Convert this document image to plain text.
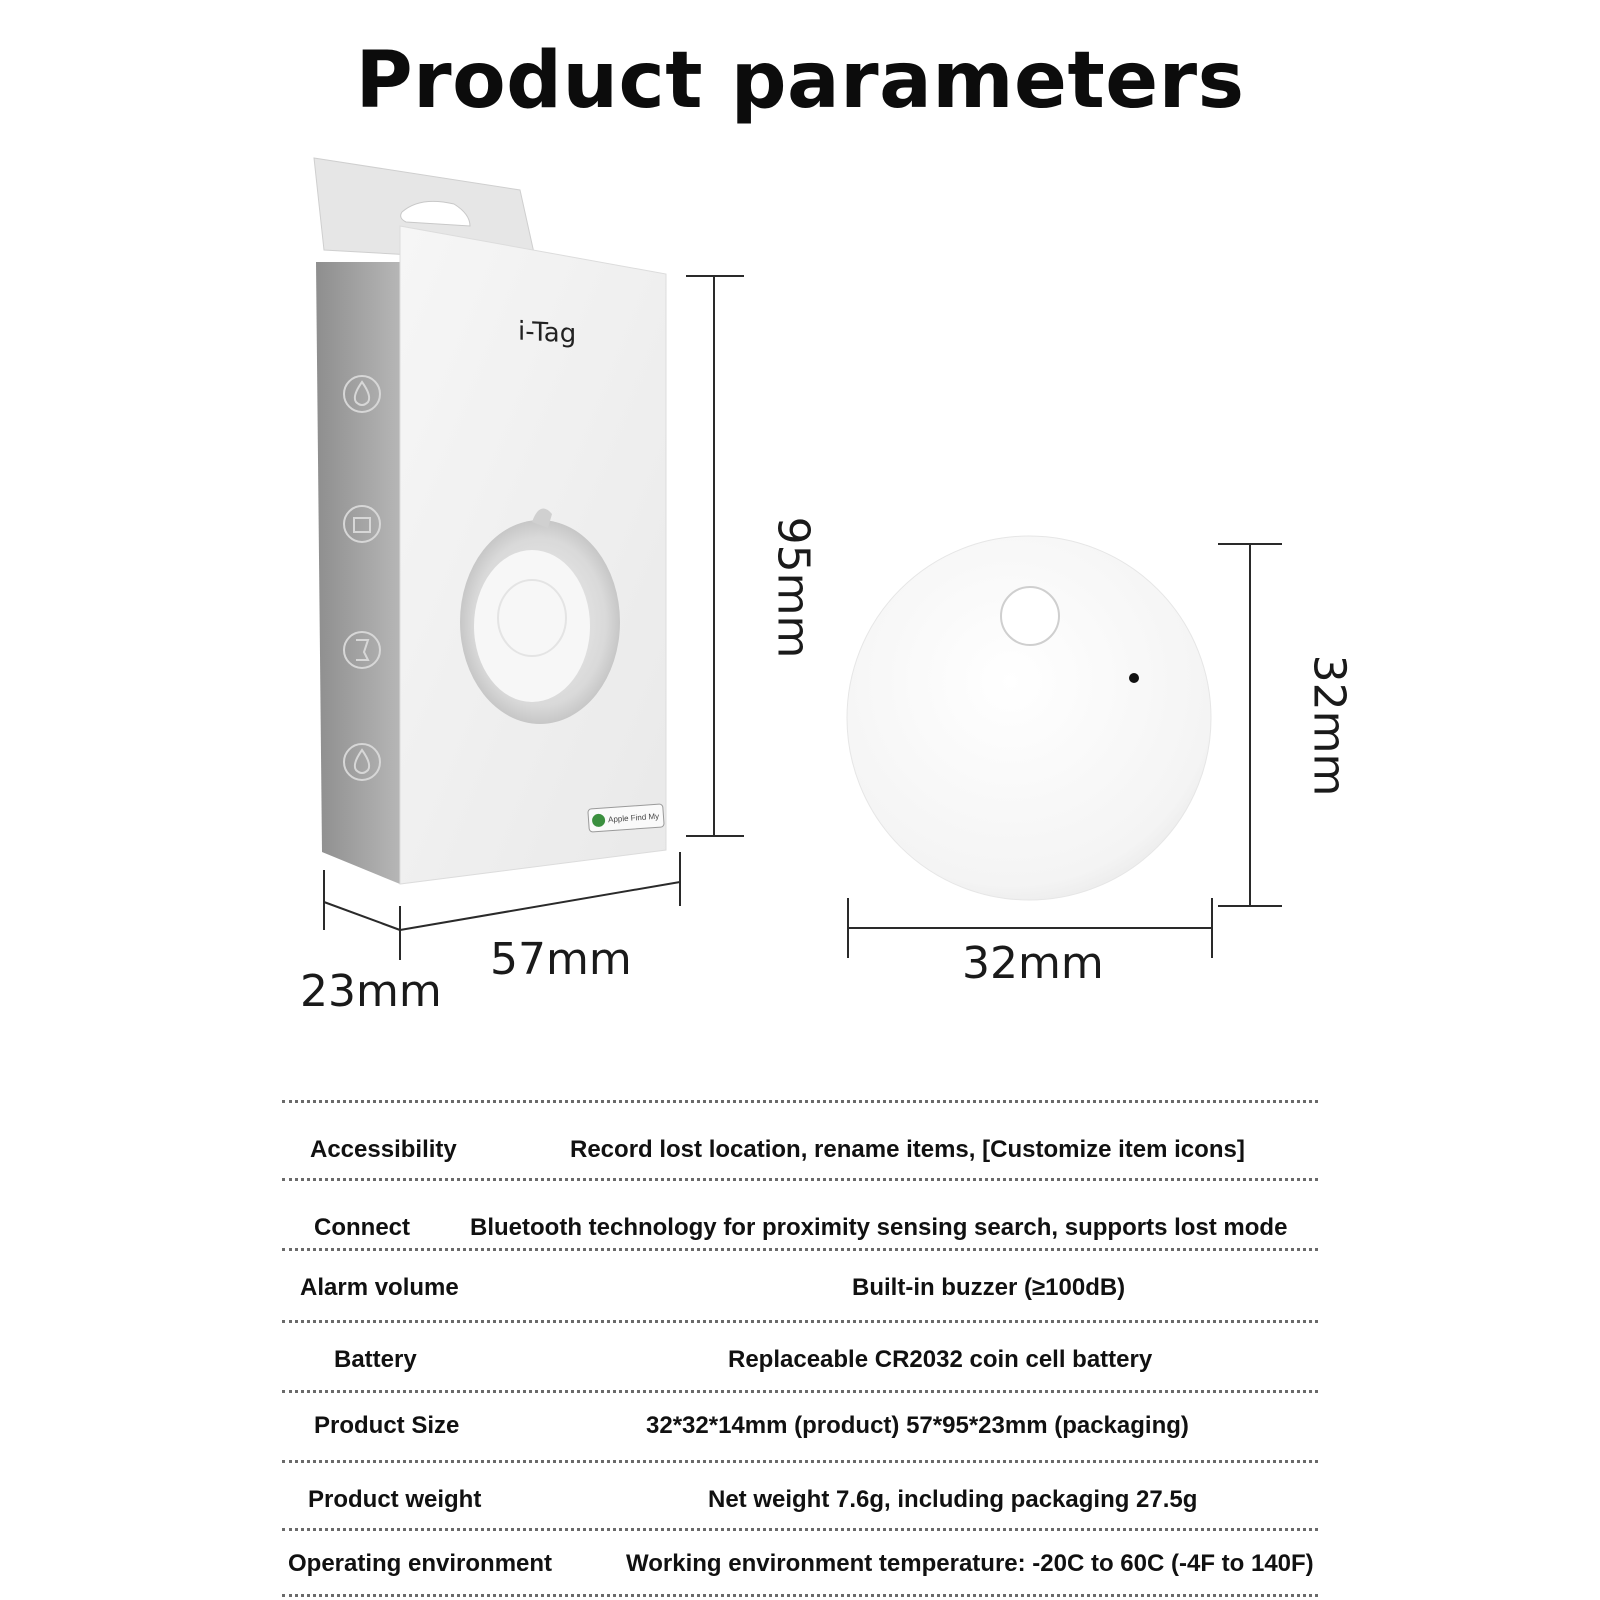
Product parameters
i-Tag
Apple Find My
95mm
57mm
23mm
32mm
32mm
Accessibility	Record lost location, rename items, [Customize item icons]
Connect	Bluetooth technology for proximity sensing search, supports lost mode
Alarm volume	Built-in buzzer (≥100dB)
Battery	Replaceable CR2032 coin cell battery
Product Size	32*32*14mm (product) 57*95*23mm (packaging)
Product weight	Net weight 7.6g, including packaging 27.5g
Operating environment	Working environment temperature: -20C to 60C (-4F to 140F)
